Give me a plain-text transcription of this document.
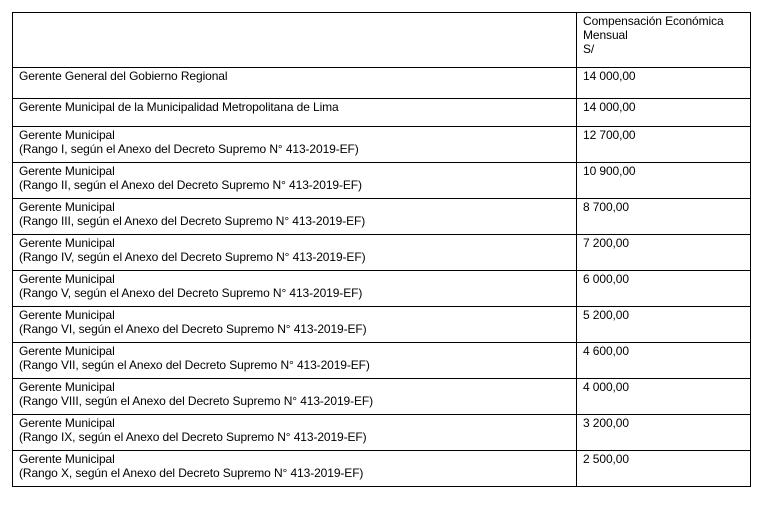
	Compensación Económica
Mensual
S/

Gerente General del Gobierno Regional	14 000,00

Gerente Municipal de la Municipalidad Metropolitana de Lima	14 000,00

Gerente Municipal
(Rango I, según el Anexo del Decreto Supremo N° 413-2019-EF)	12 700,00

Gerente Municipal
(Rango II, según el Anexo del Decreto Supremo N° 413-2019-EF)	10 900,00

Gerente Municipal
(Rango III, según el Anexo del Decreto Supremo N° 413-2019-EF)	8 700,00

Gerente Municipal
(Rango IV, según el Anexo del Decreto Supremo N° 413-2019-EF)	7 200,00

Gerente Municipal
(Rango V, según el Anexo del Decreto Supremo N° 413-2019-EF)	6 000,00

Gerente Municipal
(Rango VI, según el Anexo del Decreto Supremo N° 413-2019-EF)	5 200,00

Gerente Municipal
(Rango VII, según el Anexo del Decreto Supremo N° 413-2019-EF)	4 600,00

Gerente Municipal
(Rango VIII, según el Anexo del Decreto Supremo N° 413-2019-EF)	4 000,00

Gerente Municipal
(Rango IX, según el Anexo del Decreto Supremo N° 413-2019-EF)	3 200,00

Gerente Municipal
(Rango X, según el Anexo del Decreto Supremo N° 413-2019-EF)	2 500,00
